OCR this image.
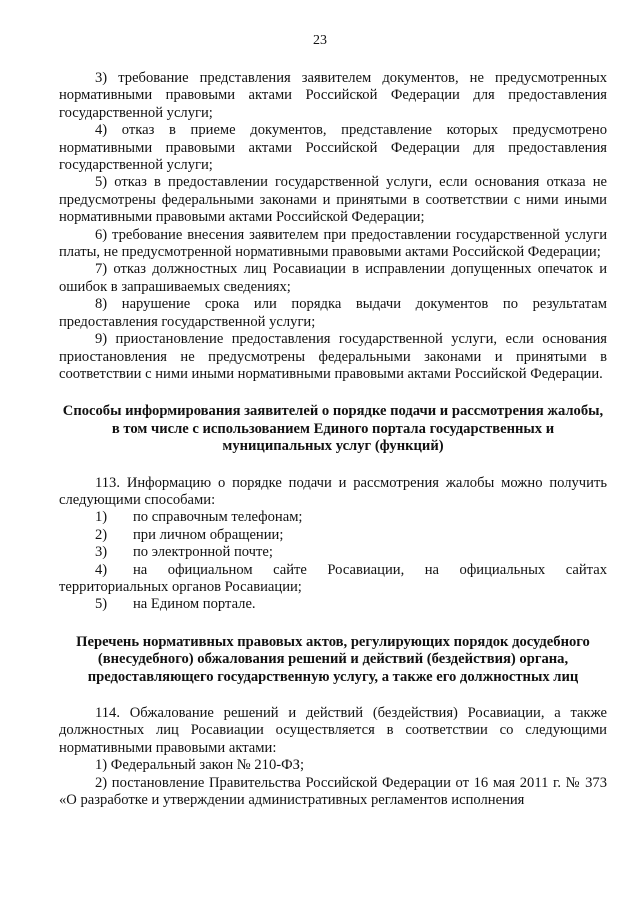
23

3) требование представления заявителем документов, не предусмотренных нормативными правовыми актами Российской Федерации для предоставления государственной услуги;

4) отказ в приеме документов, представление которых предусмотрено нормативными правовыми актами Российской Федерации для предоставления государственной услуги;

5) отказ в предоставлении государственной услуги, если основания отказа не предусмотрены федеральными законами и принятыми в соответствии с ними иными нормативными правовыми актами Российской Федерации;

6) требование внесения заявителем при предоставлении государственной услуги платы, не предусмотренной нормативными правовыми актами Российской Федерации;

7) отказ должностных лиц Росавиации в исправлении допущенных опечаток и ошибок в запрашиваемых сведениях;

8) нарушение срока или порядка выдачи документов по результатам предоставления государственной услуги;

9) приостановление предоставления государственной услуги, если основания приостановления не предусмотрены федеральными законами и принятыми в соответствии с ними иными нормативными правовыми актами Российской Федерации.

Способы информирования заявителей о порядке подачи и рассмотрения жалобы, в том числе с использованием Единого портала государственных и муниципальных услуг (функций)

113. Информацию о порядке подачи и рассмотрения жалобы можно получить следующими способами:

1) по справочным телефонам;

2) при личном обращении;

3) по электронной почте;

4) на официальном сайте Росавиации, на официальных сайтах территориальных органов Росавиации;

5) на Едином портале.

Перечень нормативных правовых актов, регулирующих порядок досудебного (внесудебного) обжалования решений и действий (бездействия) органа, предоставляющего государственную услугу, а также его должностных лиц

114. Обжалование решений и действий (бездействия) Росавиации, а также должностных лиц Росавиации осуществляется в соответствии со следующими нормативными правовыми актами:

1) Федеральный закон № 210-ФЗ;

2) постановление Правительства Российской Федерации от 16 мая 2011 г. № 373 «О разработке и утверждении административных регламентов исполнения
